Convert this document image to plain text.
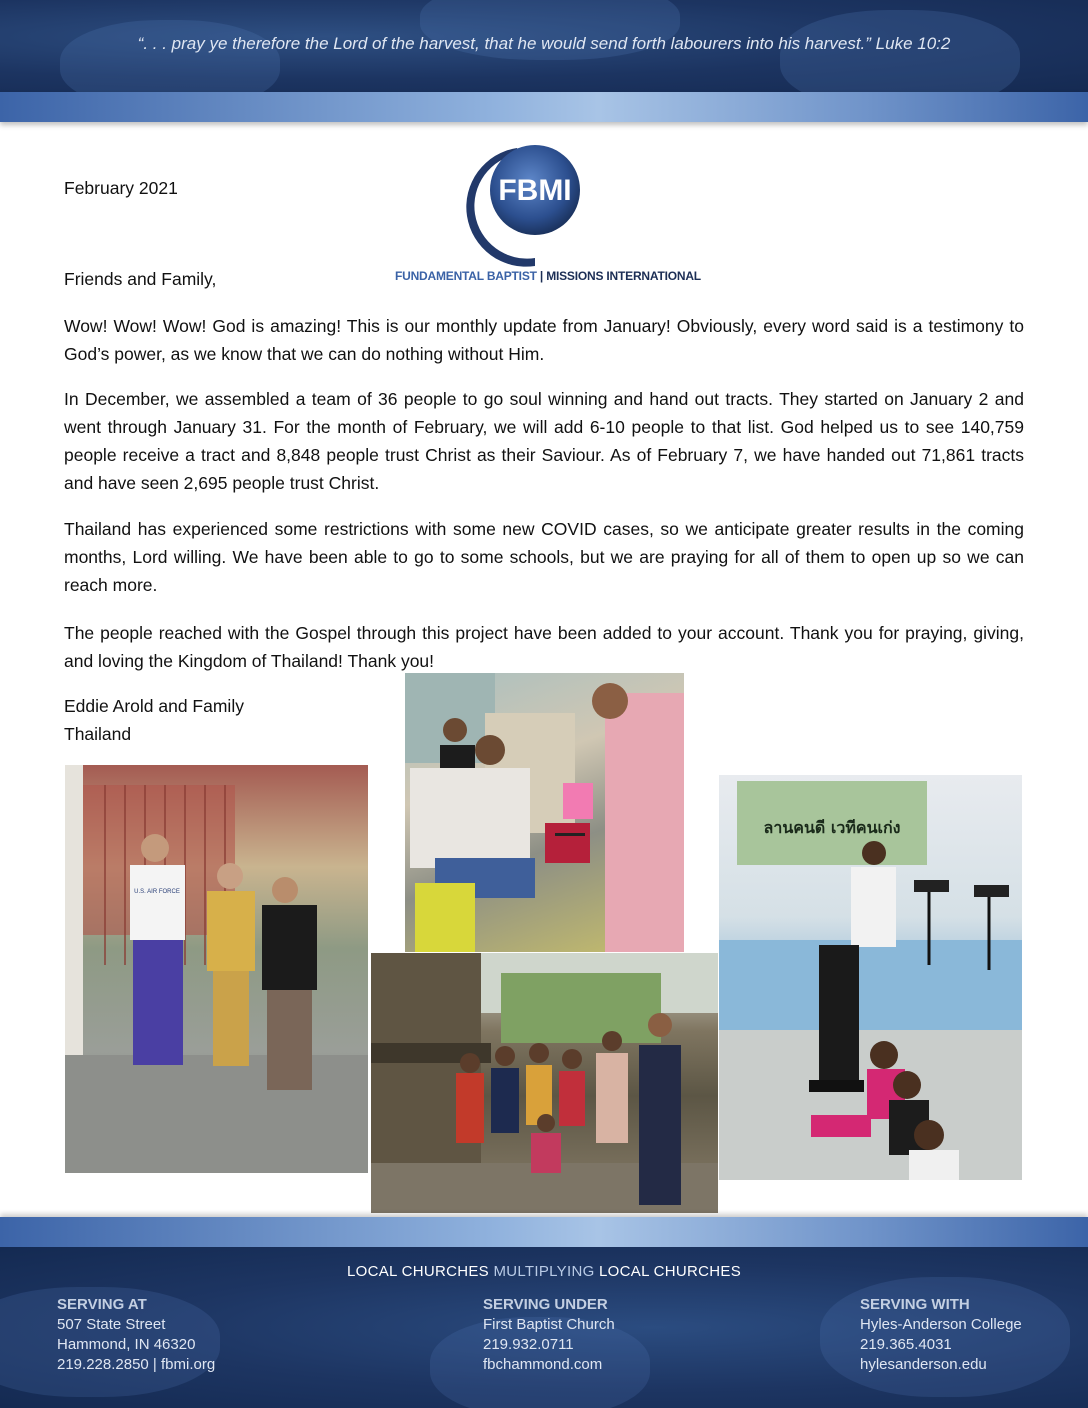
“. . . pray ye therefore the Lord of the harvest, that he would send forth labourers into his harvest.” Luke 10:2
FBMI
FUNDAMENTAL BAPTIST | MISSIONS INTERNATIONAL
February 2021
Friends and Family,
Wow! Wow! Wow! God is amazing! This is our monthly update from January! Obviously, every word said is a testimony to God’s power, as we know that we can do nothing without Him.
In December, we assembled a team of 36 people to go soul winning and hand out tracts. They started on January 2 and went through January 31. For the month of February, we will add 6-10 people to that list. God helped us to see 140,759 people receive a tract and 8,848 people trust Christ as their Saviour. As of February 7, we have handed out 71,861 tracts and have seen 2,695 people trust Christ.
Thailand has experienced some restrictions with some new COVID cases, so we anticipate greater results in the coming months, Lord willing. We have been able to go to some schools, but we are praying for all of them to open up so we can reach more.
The people reached with the Gospel through this project have been added to your account. Thank you for praying, giving, and loving the Kingdom of Thailand! Thank you!
Eddie Arold and Family
Thailand
U.S. AIR FORCE
ลานคนดี เวทีคนเก่ง
LOCAL CHURCHES MULTIPLYING LOCAL CHURCHES
SERVING AT
507 State Street
Hammond, IN 46320
219.228.2850 | fbmi.org
SERVING UNDER
First Baptist Church
219.932.0711
fbchammond.com
SERVING WITH
Hyles-Anderson College
219.365.4031
hylesanderson.edu
